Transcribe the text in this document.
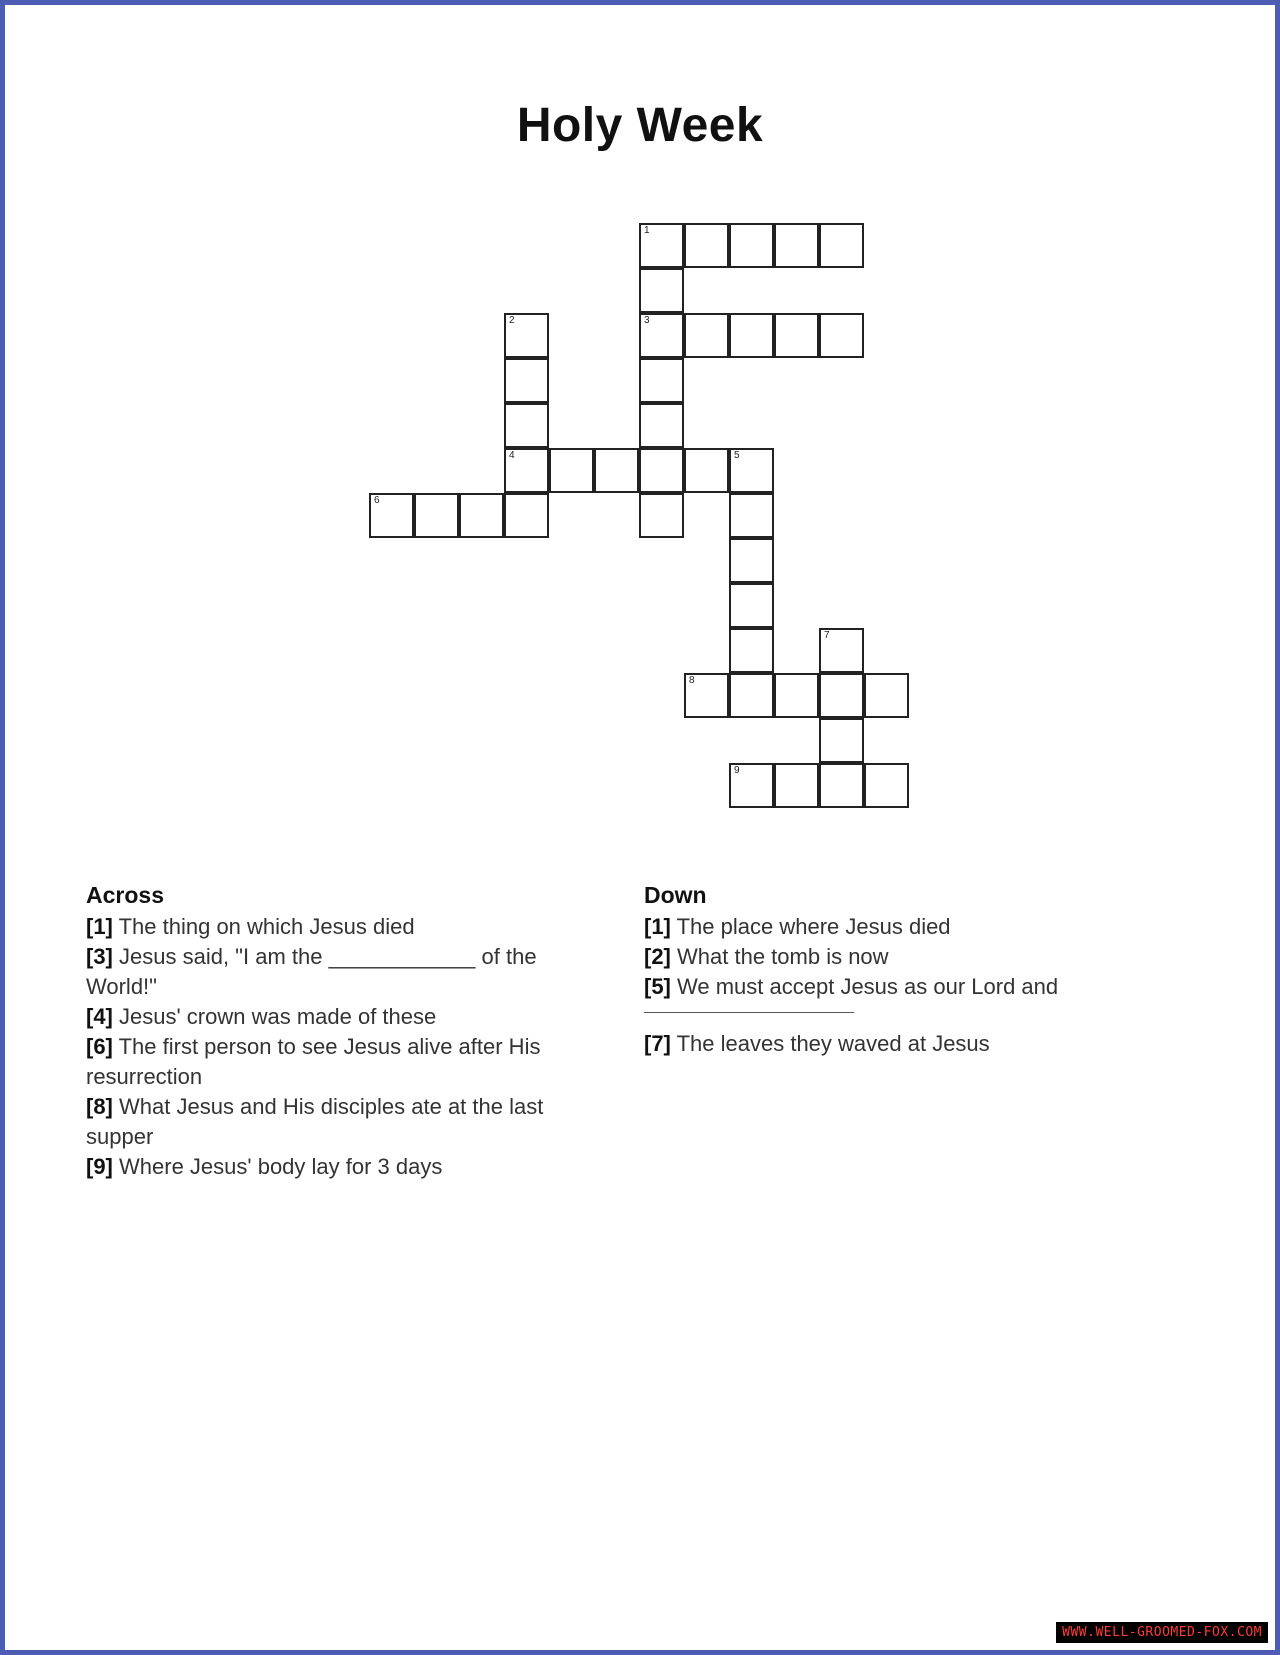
Holy Week
1
2	3
4	5
6
7
8
9
Across

[1] The thing on which Jesus died

[3] Jesus said, "I am the ____________ of the World!"

[4] Jesus' crown was made of these

[6] The first person to see Jesus alive after His resurrection

[8] What Jesus and His disciples ate at the last supper

[9] Where Jesus' body lay for 3 days

Down

[1] The place where Jesus died

[2] What the tomb is now

[5] We must accept Jesus as our Lord and

[7] The leaves they waved at Jesus

WWW.WELL-GROOMED-FOX.COM
